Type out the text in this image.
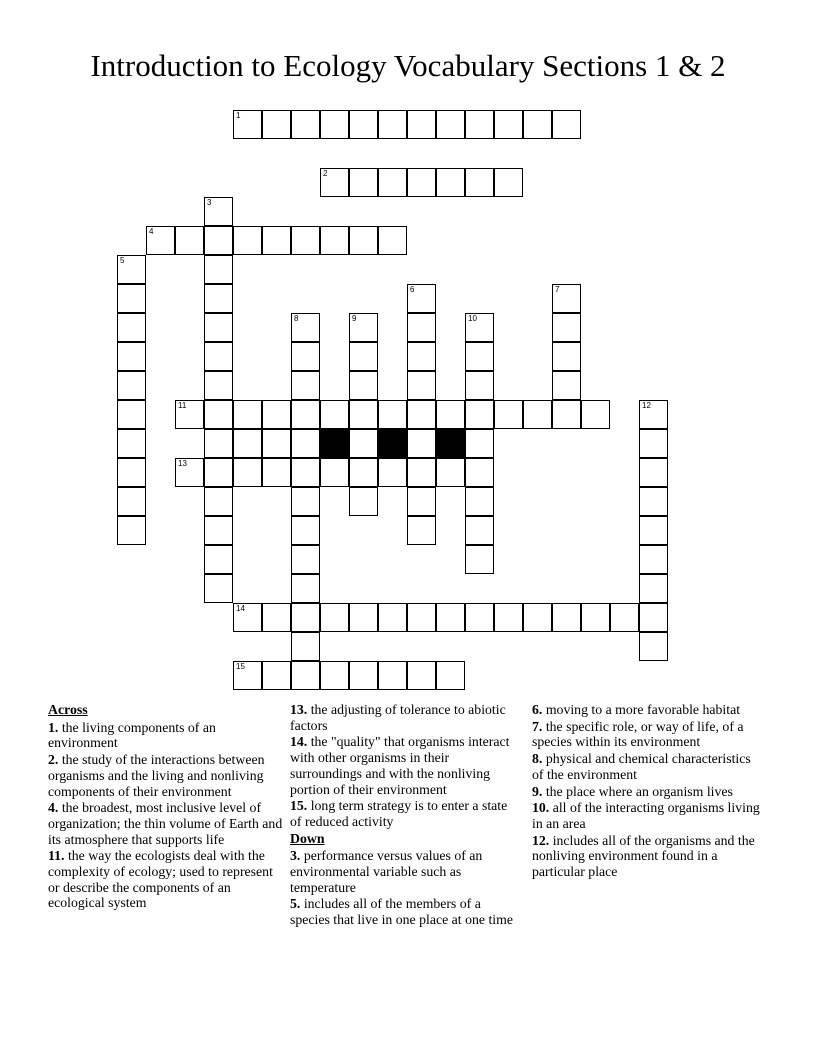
Introduction to Ecology Vocabulary Sections 1 & 2
1
2
3
4
5
6	7
8	9	10
11	12
13
14
15
Across
1. the living components of an environment
2. the study of the interactions between organisms and the living and nonliving components of their environment
4. the broadest, most inclusive level of organization; the thin volume of Earth and its atmosphere that supports life
11. the way the ecologists deal with the complexity of ecology; used to represent or describe the components of an ecological system
13. the adjusting of tolerance to abiotic factors
14. the "quality" that organisms interact with other organisms in their surroundings and with the nonliving portion of their environment
15. long term strategy is to enter a state of reduced activity
Down
3. performance versus values of an environmental variable such as temperature
5. includes all of the members of a species that live in one place at one time
6. moving to a more favorable habitat
7. the specific role, or way of life, of a species within its environment
8. physical and chemical characteristics of the environment
9. the place where an organism lives
10. all of the interacting organisms living in an area
12. includes all of the organisms and the nonliving environment found in a particular place
